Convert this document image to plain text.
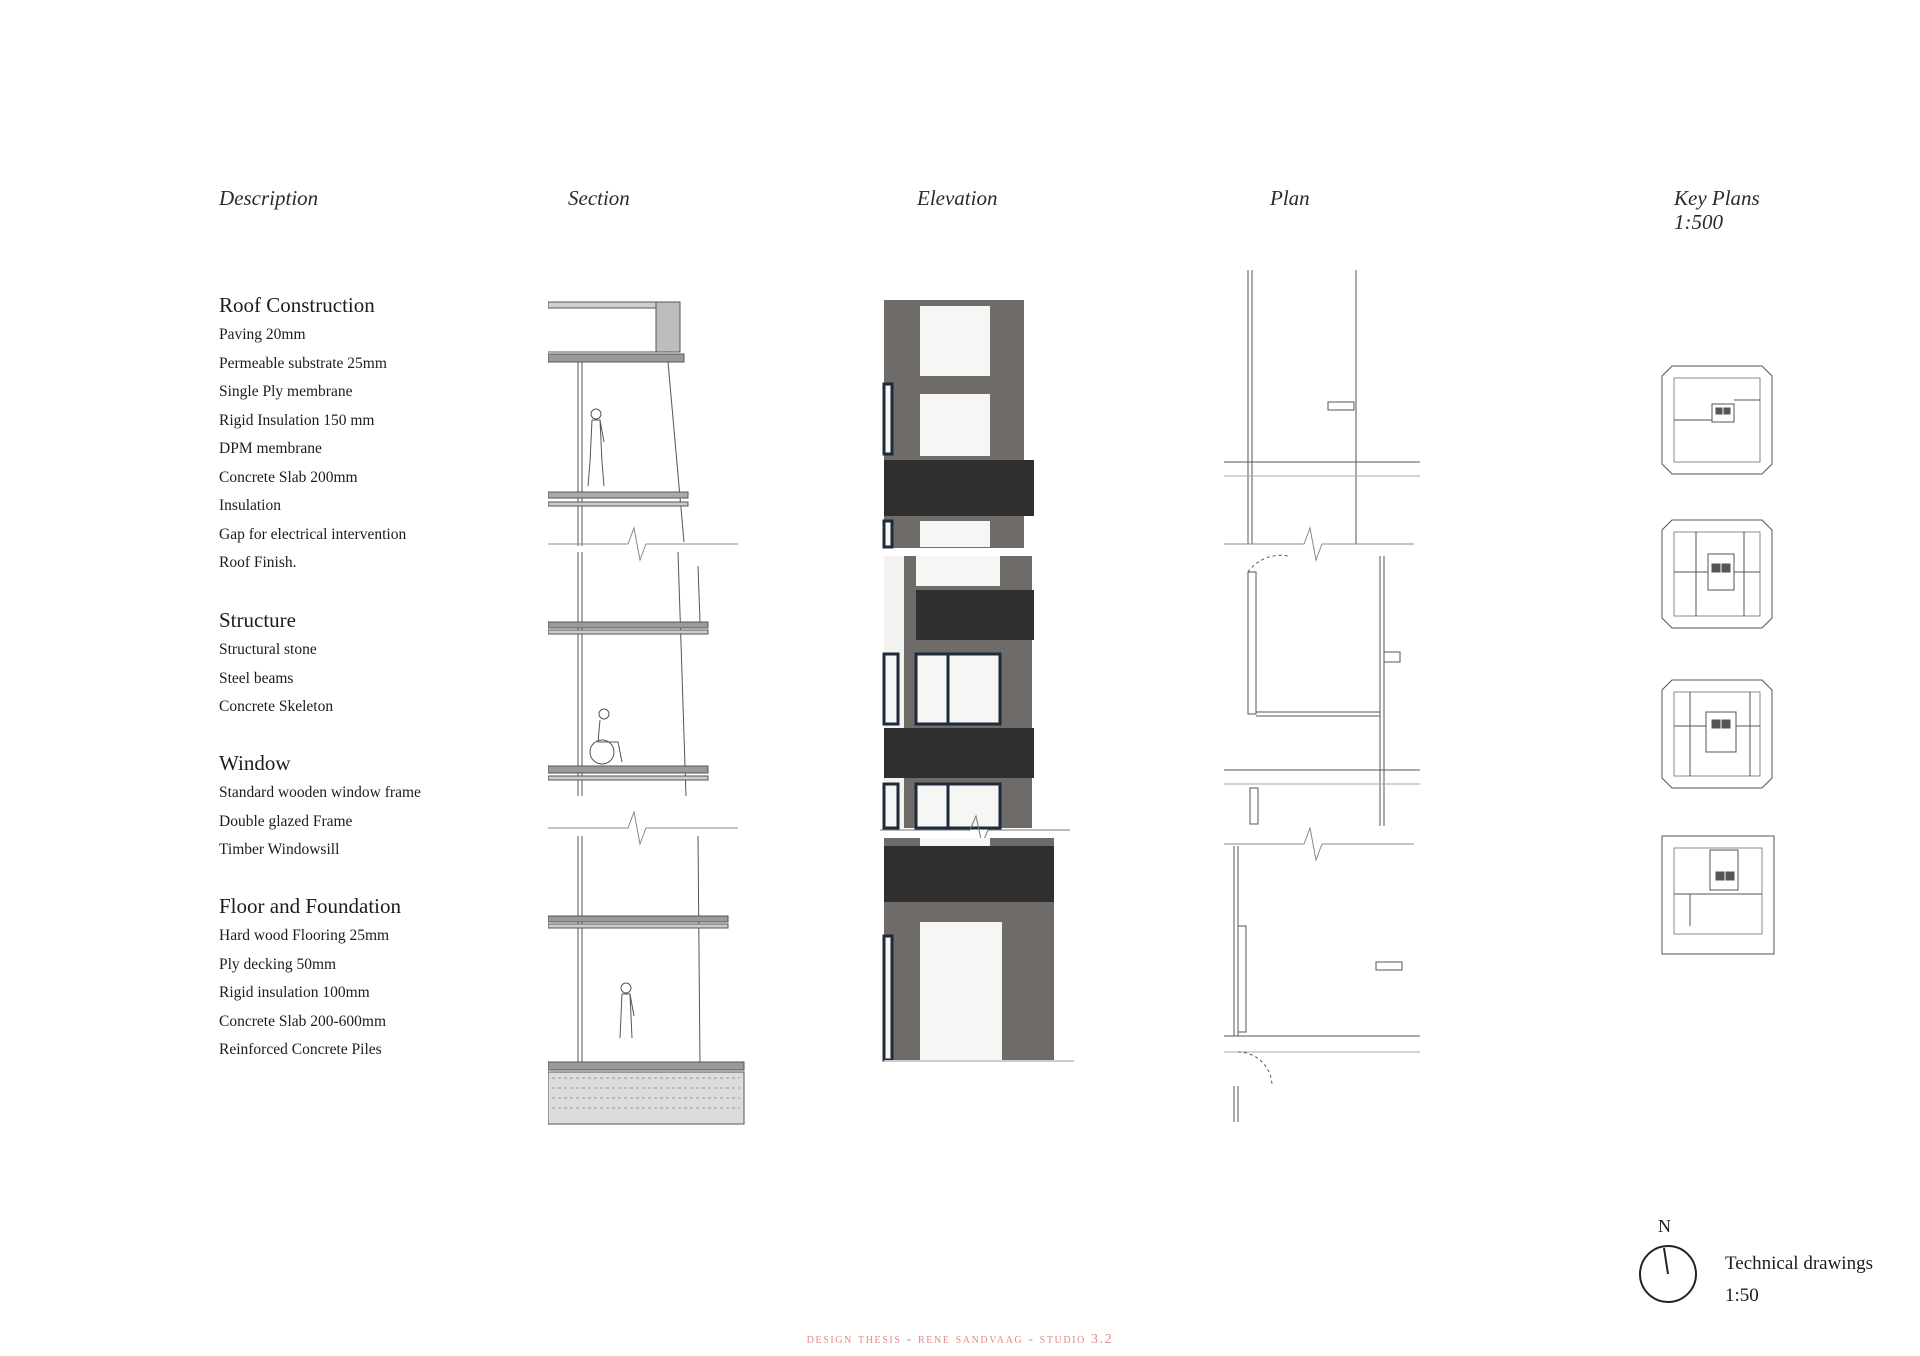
Description	Section	Elevation	Plan	Key Plans
1:500
Roof Construction
Paving 20mm
Permeable substrate 25mm
Single Ply membrane
Rigid Insulation 150 mm
DPM membrane
Concrete Slab 200mm
Insulation
Gap for electrical intervention
Roof Finish.
Structure
Structural stone
Steel beams
Concrete Skeleton
Window
Standard wooden window frame
Double glazed Frame
Timber Windowsill
Floor and Foundation
Hard wood Flooring 25mm
Ply decking 50mm
Rigid insulation 100mm
Concrete Slab 200-600mm
Reinforced Concrete Piles
N
Technical drawings
1:50
design thesis - rene sandvaag - studio 3.2
